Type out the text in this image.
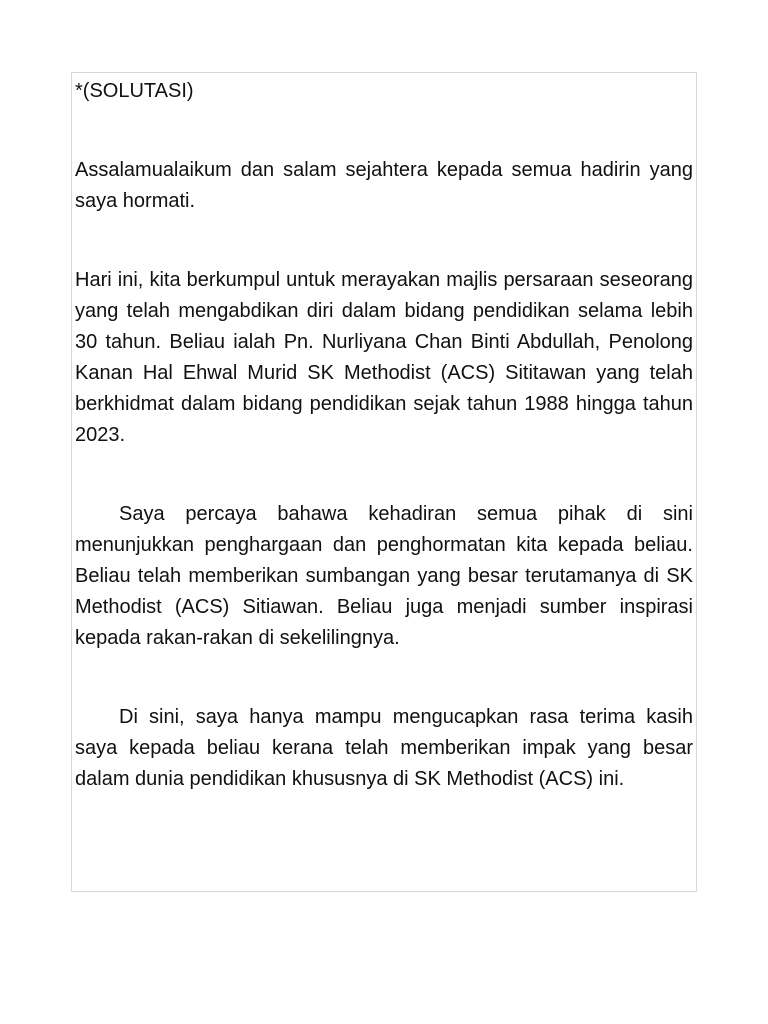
*(SOLUTASI)

Assalamualaikum dan salam sejahtera kepada semua hadirin yang saya hormati.

Hari ini, kita berkumpul untuk merayakan majlis persaraan seseorang yang telah mengabdikan diri dalam bidang pendidikan selama lebih 30 tahun. Beliau ialah Pn. Nurliyana Chan Binti Abdullah, Penolong Kanan Hal Ehwal Murid SK Methodist (ACS) Sititawan yang telah berkhidmat dalam bidang pendidikan sejak tahun 1988 hingga tahun 2023.

Saya percaya bahawa kehadiran semua pihak di sini menunjukkan penghargaan dan penghormatan kita kepada beliau. Beliau telah memberikan sumbangan yang besar terutamanya di SK Methodist (ACS) Sitiawan. Beliau juga menjadi sumber inspirasi kepada rakan-rakan di sekelilingnya.

Di sini, saya hanya mampu mengucapkan rasa terima kasih saya kepada beliau kerana telah memberikan impak yang besar dalam dunia pendidikan khususnya di SK Methodist (ACS) ini.
